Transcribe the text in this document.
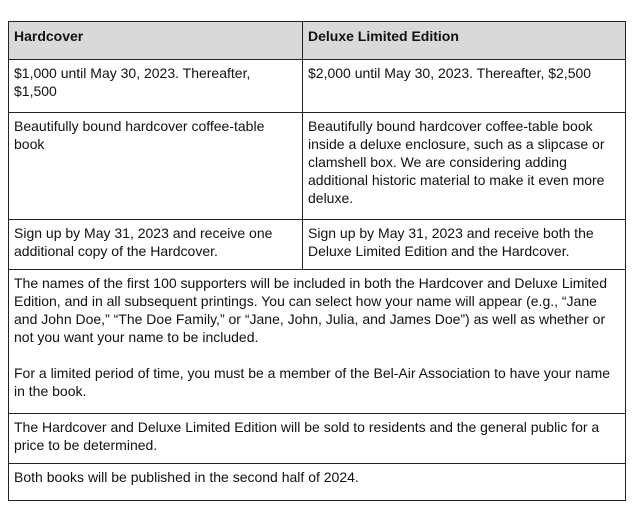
Hardcover	Deluxe Limited Edition
$1,000 until May 30, 2023. Thereafter, $1,500	$2,000 until May 30, 2023. Thereafter, $2,500
Beautifully bound hardcover coffee-table book	Beautifully bound hardcover coffee-table book inside a deluxe enclosure, such as a slipcase or clamshell box. We are considering adding additional historic material to make it even more deluxe.
Sign up by May 31, 2023 and receive one additional copy of the Hardcover.	Sign up by May 31, 2023 and receive both the Deluxe Limited Edition and the Hardcover.

The names of the first 100 supporters will be included in both the Hardcover and Deluxe Limited Edition, and in all subsequent printings. You can select how your name will appear (e.g., “Jane and John Doe,” “The Doe Family,” or “Jane, John, Julia, and James Doe”) as well as whether or not you want your name to be included.

For a limited period of time, you must be a member of the Bel-Air Association to have your name in the book.	

The Hardcover and Deluxe Limited Edition will be sold to residents and the general public for a price to be determined.	
Both books will be published in the second half of 2024.	
